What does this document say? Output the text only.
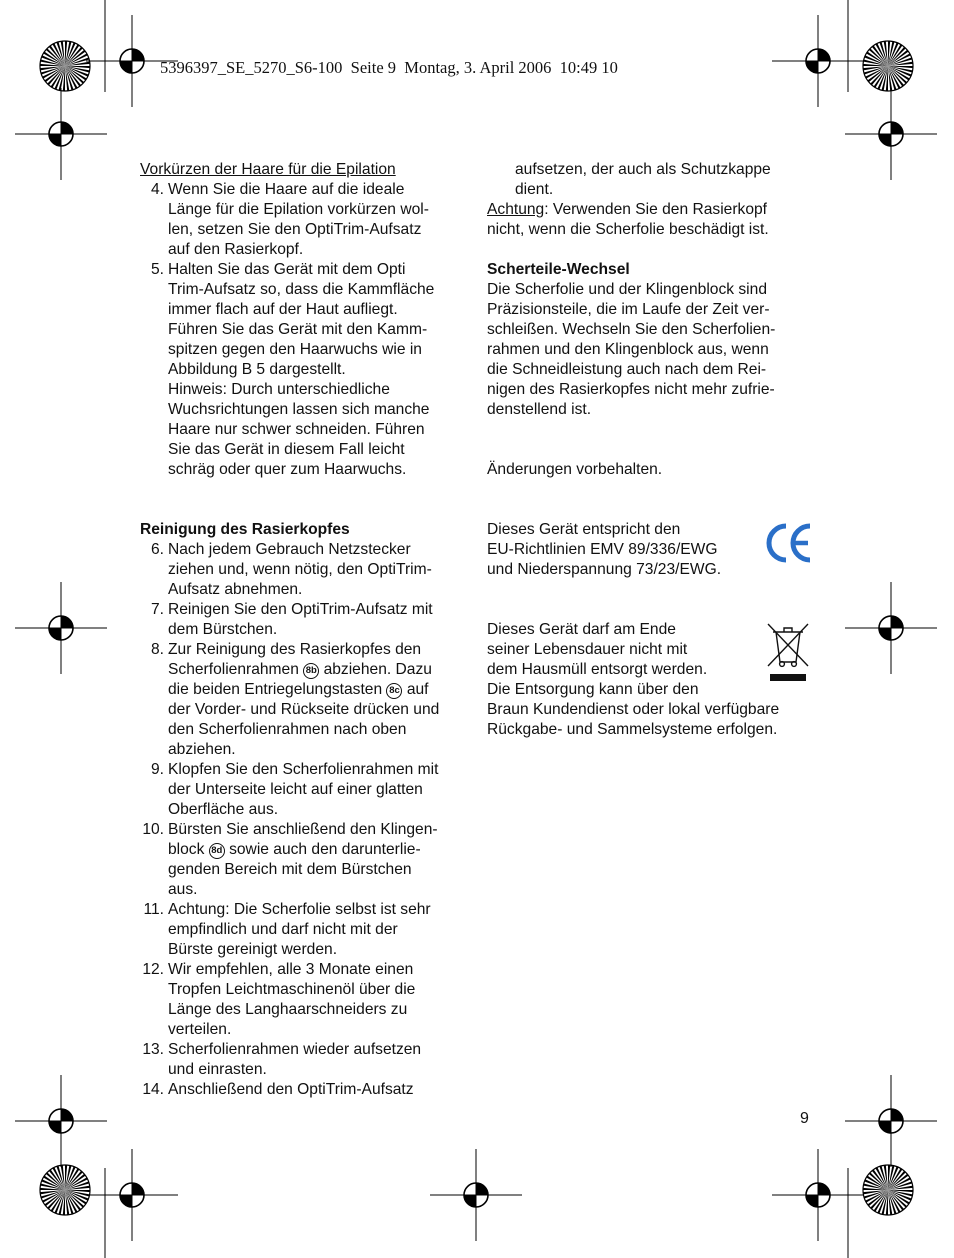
5396397_SE_5270_S6-100  Seite 9  Montag, 3. April 2006  10:49 10

Vorkürzen der Haare für die Epilation

4. Wenn Sie die Haare auf die ideale

Länge für die Epilation vorkürzen wol-

len, setzen Sie den OptiTrim-Aufsatz

auf den Rasierkopf.

5. Halten Sie das Gerät mit dem Opti

Trim-Aufsatz so, dass die Kammfläche

immer flach auf der Haut aufliegt.

Führen Sie das Gerät mit den Kamm-

spitzen gegen den Haarwuchs wie in

Abbildung B 5 dargestellt.

Hinweis: Durch unterschiedliche

Wuchsrichtungen lassen sich manche

Haare nur schwer schneiden. Führen

Sie das Gerät in diesem Fall leicht

schräg oder quer zum Haarwuchs.

Reinigung des Rasierkopfes

6. Nach jedem Gebrauch Netzstecker

ziehen und, wenn nötig, den OptiTrim-

Aufsatz abnehmen.

7. Reinigen Sie den OptiTrim-Aufsatz mit

dem Bürstchen.

8. Zur Reinigung des Rasierkopfes den

Scherfolienrahmen 8b abziehen. Dazu

die beiden Entriegelungstasten 8c auf

der Vorder- und Rückseite drücken und

den Scherfolienrahmen nach oben

abziehen.

9. Klopfen Sie den Scherfolienrahmen mit

der Unterseite leicht auf einer glatten

Oberfläche aus.

10. Bürsten Sie anschließend den Klingen-

block 8d sowie auch den darunterlie-

genden Bereich mit dem Bürstchen

aus.

11. Achtung: Die Scherfolie selbst ist sehr

empfindlich und darf nicht mit der

Bürste gereinigt werden.

12. Wir empfehlen, alle 3 Monate einen

Tropfen Leichtmaschinenöl über die

Länge des Langhaarschneiders zu

verteilen.

13. Scherfolienrahmen wieder aufsetzen

und einrasten.

14. Anschließend den OptiTrim-Aufsatz

aufsetzen, der auch als Schutzkappe

dient.

Achtung: Verwenden Sie den Rasierkopf

nicht, wenn die Scherfolie beschädigt ist.

Scherteile-Wechsel

Die Scherfolie und der Klingenblock sind

Präzisionsteile, die im Laufe der Zeit ver-

schleißen. Wechseln Sie den Scherfolien-

rahmen und den Klingenblock aus, wenn

die Schneidleistung auch nach dem Rei-

nigen des Rasierkopfes nicht mehr zufrie-

denstellend ist.

Änderungen vorbehalten.

Dieses Gerät entspricht den

EU-Richtlinien EMV 89/336/EWG

und Niederspannung 73/23/EWG.

Dieses Gerät darf am Ende

seiner Lebensdauer nicht mit

dem Hausmüll entsorgt werden.

Die Entsorgung kann über den

Braun Kundendienst oder lokal verfügbare

Rückgabe- und Sammelsysteme erfolgen.

9
